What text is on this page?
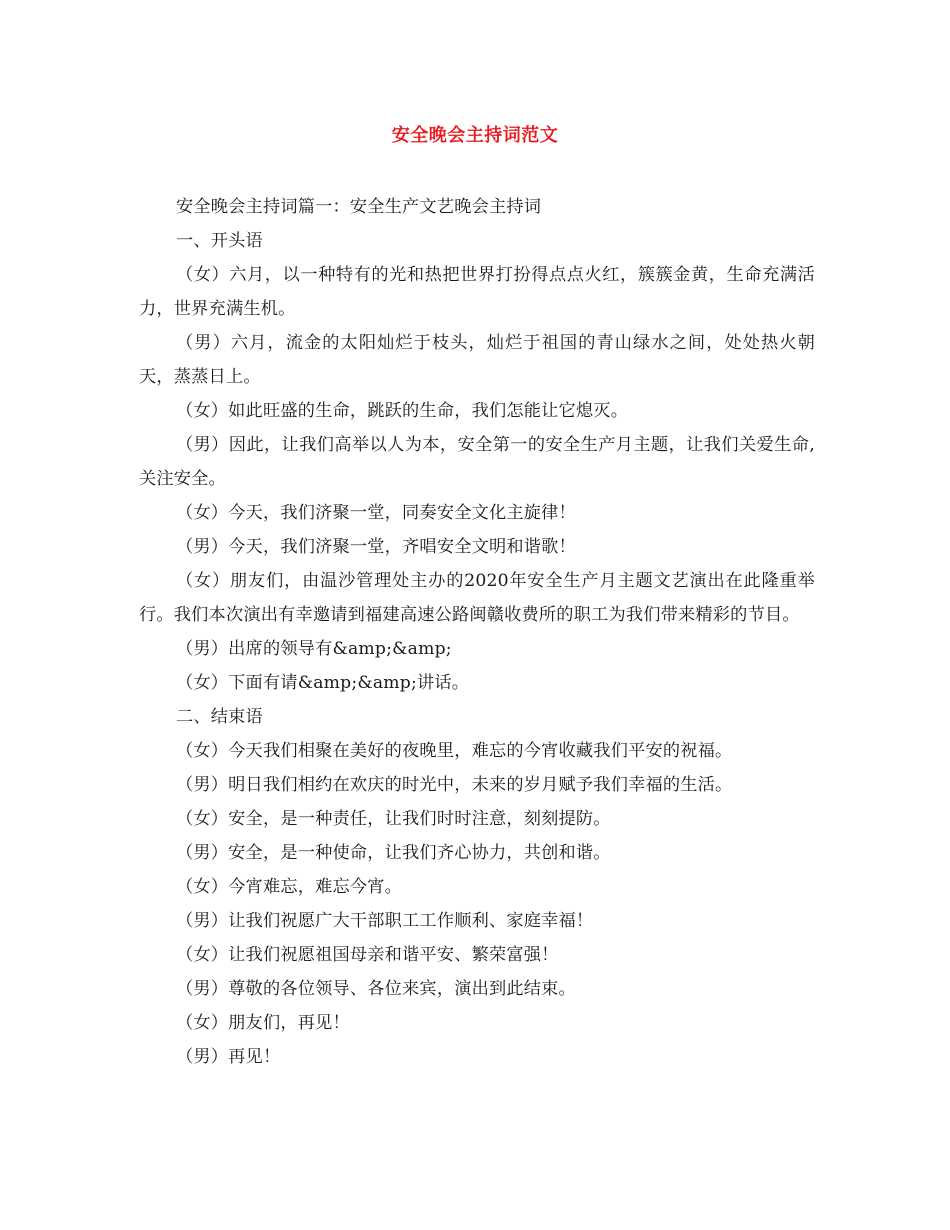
安全晚会主持词范文

安全晚会主持词篇一：安全生产文艺晚会主持词

一、开头语

（女）六月，以一种特有的光和热把世界打扮得点点火红，簇簇金黄，生命充满活力，世界充满生机。

（男）六月，流金的太阳灿烂于枝头，灿烂于祖国的青山绿水之间，处处热火朝天，蒸蒸日上。

（女）如此旺盛的生命，跳跃的生命，我们怎能让它熄灭。

（男）因此，让我们高举以人为本，安全第一的安全生产月主题，让我们关爱生命,关注安全。

（女）今天，我们济聚一堂，同奏安全文化主旋律！

（男）今天，我们济聚一堂，齐唱安全文明和谐歌！

（女）朋友们，由温沙管理处主办的2020年安全生产月主题文艺演出在此隆重举行。我们本次演出有幸邀请到福建高速公路闽赣收费所的职工为我们带来精彩的节目。

（男）出席的领导有&amp;&amp;

（女）下面有请&amp;&amp;讲话。

二、结束语

（女）今天我们相聚在美好的夜晚里，难忘的今宵收藏我们平安的祝福。

（男）明日我们相约在欢庆的时光中，未来的岁月赋予我们幸福的生活。

（女）安全，是一种责任，让我们时时注意，刻刻提防。

（男）安全，是一种使命，让我们齐心协力，共创和谐。

（女）今宵难忘，难忘今宵。

（男）让我们祝愿广大干部职工工作顺利、家庭幸福！

（女）让我们祝愿祖国母亲和谐平安、繁荣富强！

（男）尊敬的各位领导、各位来宾，演出到此结束。

（女）朋友们，再见！

（男）再见！
